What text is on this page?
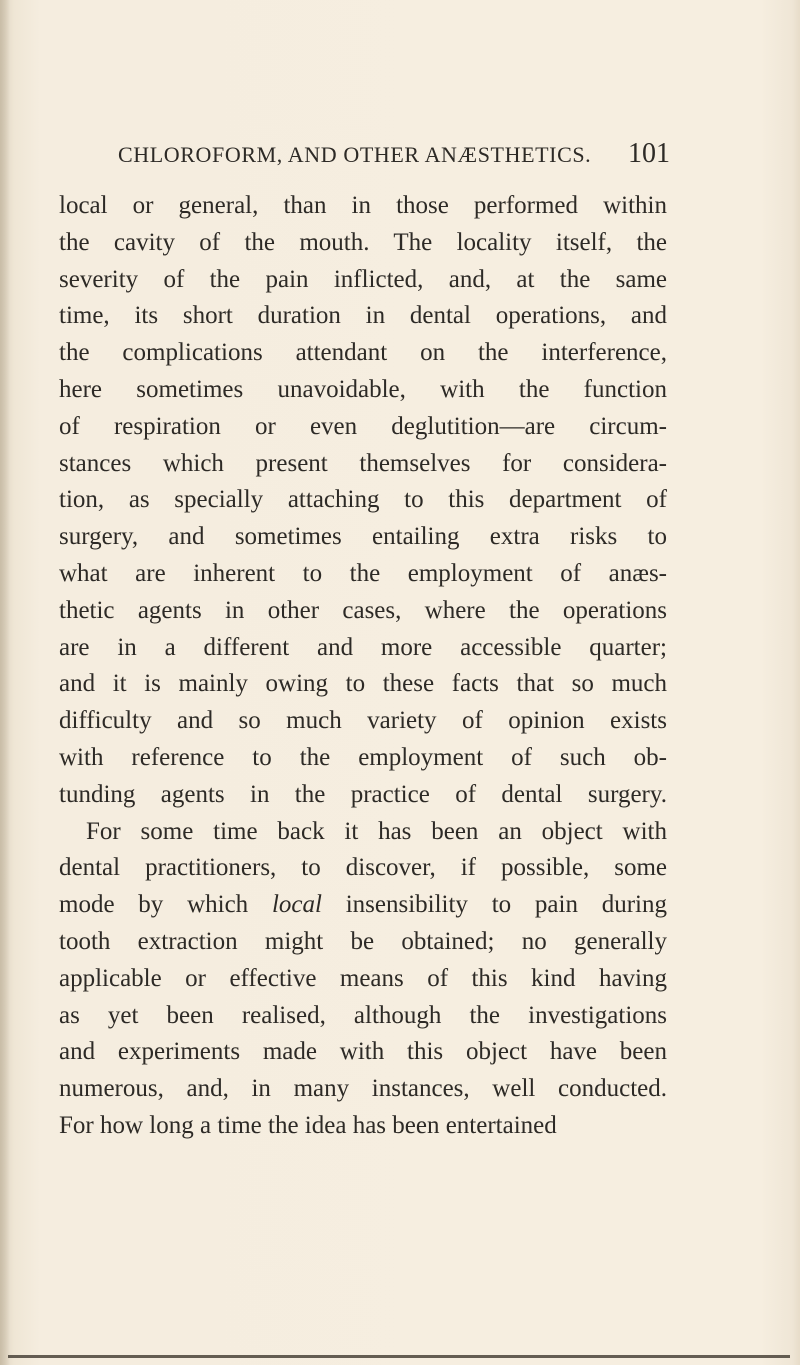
CHLOROFORM, AND OTHER ANÆSTHETICS. 101
local or general, than in those performed within
the cavity of the mouth. The locality itself, the
severity of the pain inflicted, and, at the same
time, its short duration in dental operations, and
the complications attendant on the interference,
here sometimes unavoidable, with the function
of respiration or even deglutition—are circum-
stances which present themselves for considera-
tion, as specially attaching to this department of
surgery, and sometimes entailing extra risks to
what are inherent to the employment of anæs-
thetic agents in other cases, where the operations
are in a different and more accessible quarter;
and it is mainly owing to these facts that so much
difficulty and so much variety of opinion exists
with reference to the employment of such ob-
tunding agents in the practice of dental surgery.
For some time back it has been an object with
dental practitioners, to discover, if possible, some
mode by which local insensibility to pain during
tooth extraction might be obtained; no generally
applicable or effective means of this kind having
as yet been realised, although the investigations
and experiments made with this object have been
numerous, and, in many instances, well conducted.
For how long a time the idea has been entertained
